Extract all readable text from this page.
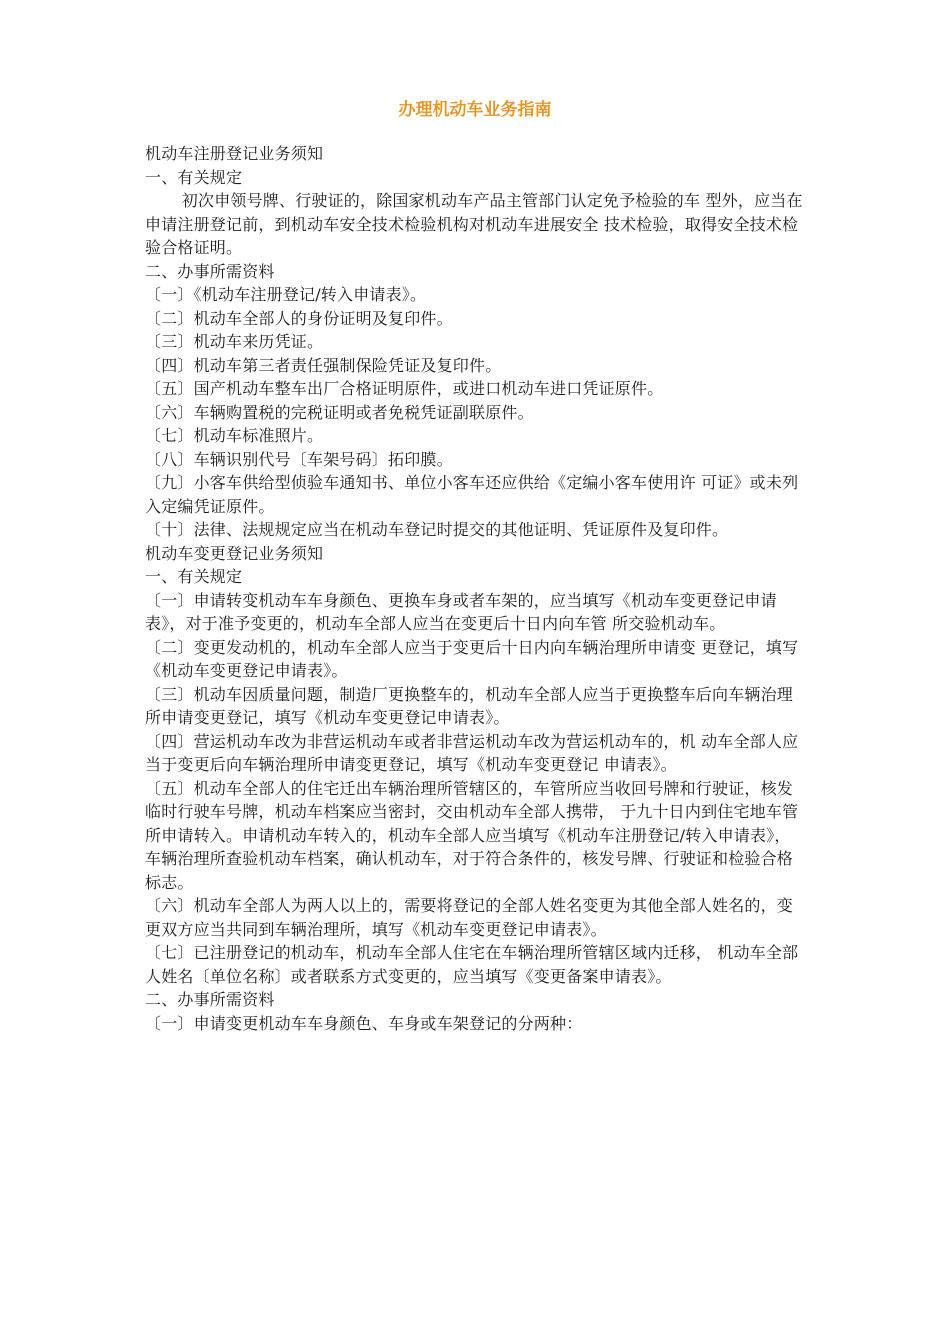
办理机动车业务指南

机动车注册登记业务须知

一、有关规定

初次申领号牌、行驶证的，除国家机动车产品主管部门认定免予检验的车 型外，应当在申请注册登记前，到机动车安全技术检验机构对机动车进展安全 技术检验，取得安全技术检验合格证明。

二、办事所需资料

〔一〕《机动车注册登记/转入申请表》。

〔二〕机动车全部人的身份证明及复印件。

〔三〕机动车来历凭证。

〔四〕机动车第三者责任强制保险凭证及复印件。

〔五〕国产机动车整车出厂合格证明原件，或进口机动车进口凭证原件。

〔六〕车辆购置税的完税证明或者免税凭证副联原件。

〔七〕机动车标准照片。

〔八〕车辆识别代号〔车架号码〕拓印膜。

〔九〕小客车供给型侦验车通知书、单位小客车还应供给《定编小客车使用许 可证》或未列入定编凭证原件。

〔十〕法律、法规规定应当在机动车登记时提交的其他证明、凭证原件及复印件。

机动车变更登记业务须知

一、有关规定

〔一〕申请转变机动车车身颜色、更换车身或者车架的，应当填写《机动车变更登记申请表》，对于准予变更的，机动车全部人应当在变更后十日内向车管 所交验机动车。

〔二〕变更发动机的，机动车全部人应当于变更后十日内向车辆治理所申请变 更登记，填写《机动车变更登记申请表》。

〔三〕机动车因质量问题，制造厂更换整车的，机动车全部人应当于更换整车后向车辆治理所申请变更登记，填写《机动车变更登记申请表》。

〔四〕营运机动车改为非营运机动车或者非营运机动车改为营运机动车的，机 动车全部人应当于变更后向车辆治理所申请变更登记，填写《机动车变更登记 申请表》。

〔五〕机动车全部人的住宅迁出车辆治理所管辖区的，车管所应当收回号牌和行驶证，核发临时行驶车号牌，机动车档案应当密封，交由机动车全部人携带， 于九十日内到住宅地车管所申请转入。申请机动车转入的，机动车全部人应当填写《机动车注册登记/转入申请表》，车辆治理所查验机动车档案，确认机动车，对于符合条件的，核发号牌、行驶证和检验合格标志。

〔六〕机动车全部人为两人以上的，需要将登记的全部人姓名变更为其他全部人姓名的，变更双方应当共同到车辆治理所，填写《机动车变更登记申请表》。

〔七〕已注册登记的机动车，机动车全部人住宅在车辆治理所管辖区域内迁移， 机动车全部人姓名〔单位名称〕或者联系方式变更的，应当填写《变更备案申请表》。

二、办事所需资料

〔一〕申请变更机动车车身颜色、车身或车架登记的分两种：
